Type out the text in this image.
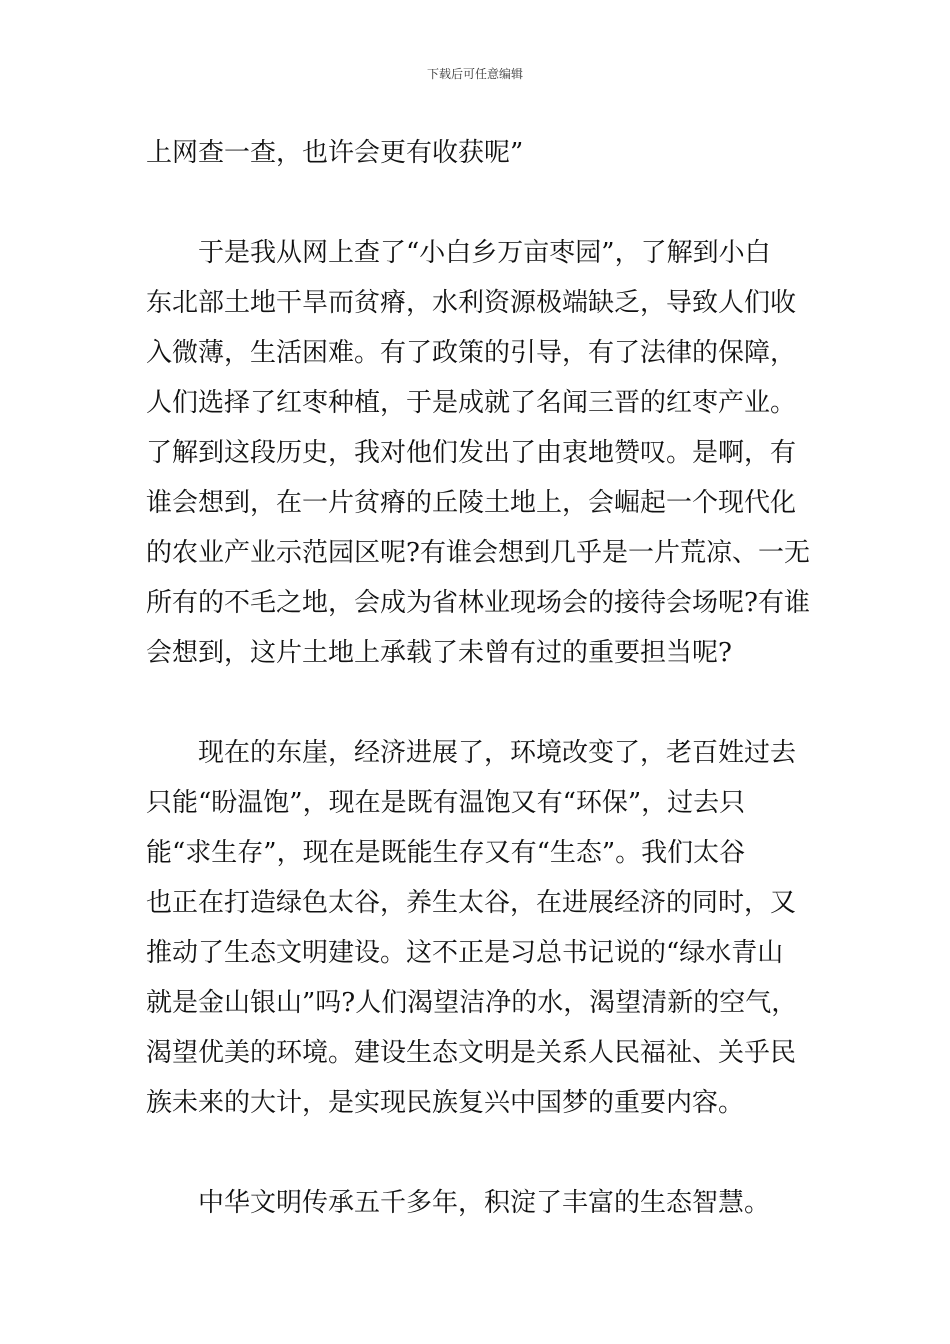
下载后可任意编辑
上网查一查，也许会更有收获呢”
于是我从网上查了“小白乡万亩枣园”，了解到小白
东北部土地干旱而贫瘠，水利资源极端缺乏，导致人们收
入微薄，生活困难。有了政策的引导，有了法律的保障，
人们选择了红枣种植，于是成就了名闻三晋的红枣产业。
了解到这段历史，我对他们发出了由衷地赞叹。是啊，有
谁会想到，在一片贫瘠的丘陵土地上，会崛起一个现代化
的农业产业示范园区呢?有谁会想到几乎是一片荒凉、一无
所有的不毛之地，会成为省林业现场会的接待会场呢?有谁
会想到，这片土地上承载了未曾有过的重要担当呢?
现在的东崖，经济进展了，环境改变了，老百姓过去
只能“盼温饱”，现在是既有温饱又有“环保”，过去只
能“求生存”，现在是既能生存又有“生态”。我们太谷
也正在打造绿色太谷，养生太谷，在进展经济的同时，又
推动了生态文明建设。这不正是习总书记说的“绿水青山
就是金山银山”吗?人们渴望洁净的水，渴望清新的空气，
渴望优美的环境。建设生态文明是关系人民福祉、关乎民
族未来的大计，是实现民族复兴中国梦的重要内容。
中华文明传承五千多年，积淀了丰富的生态智慧。
